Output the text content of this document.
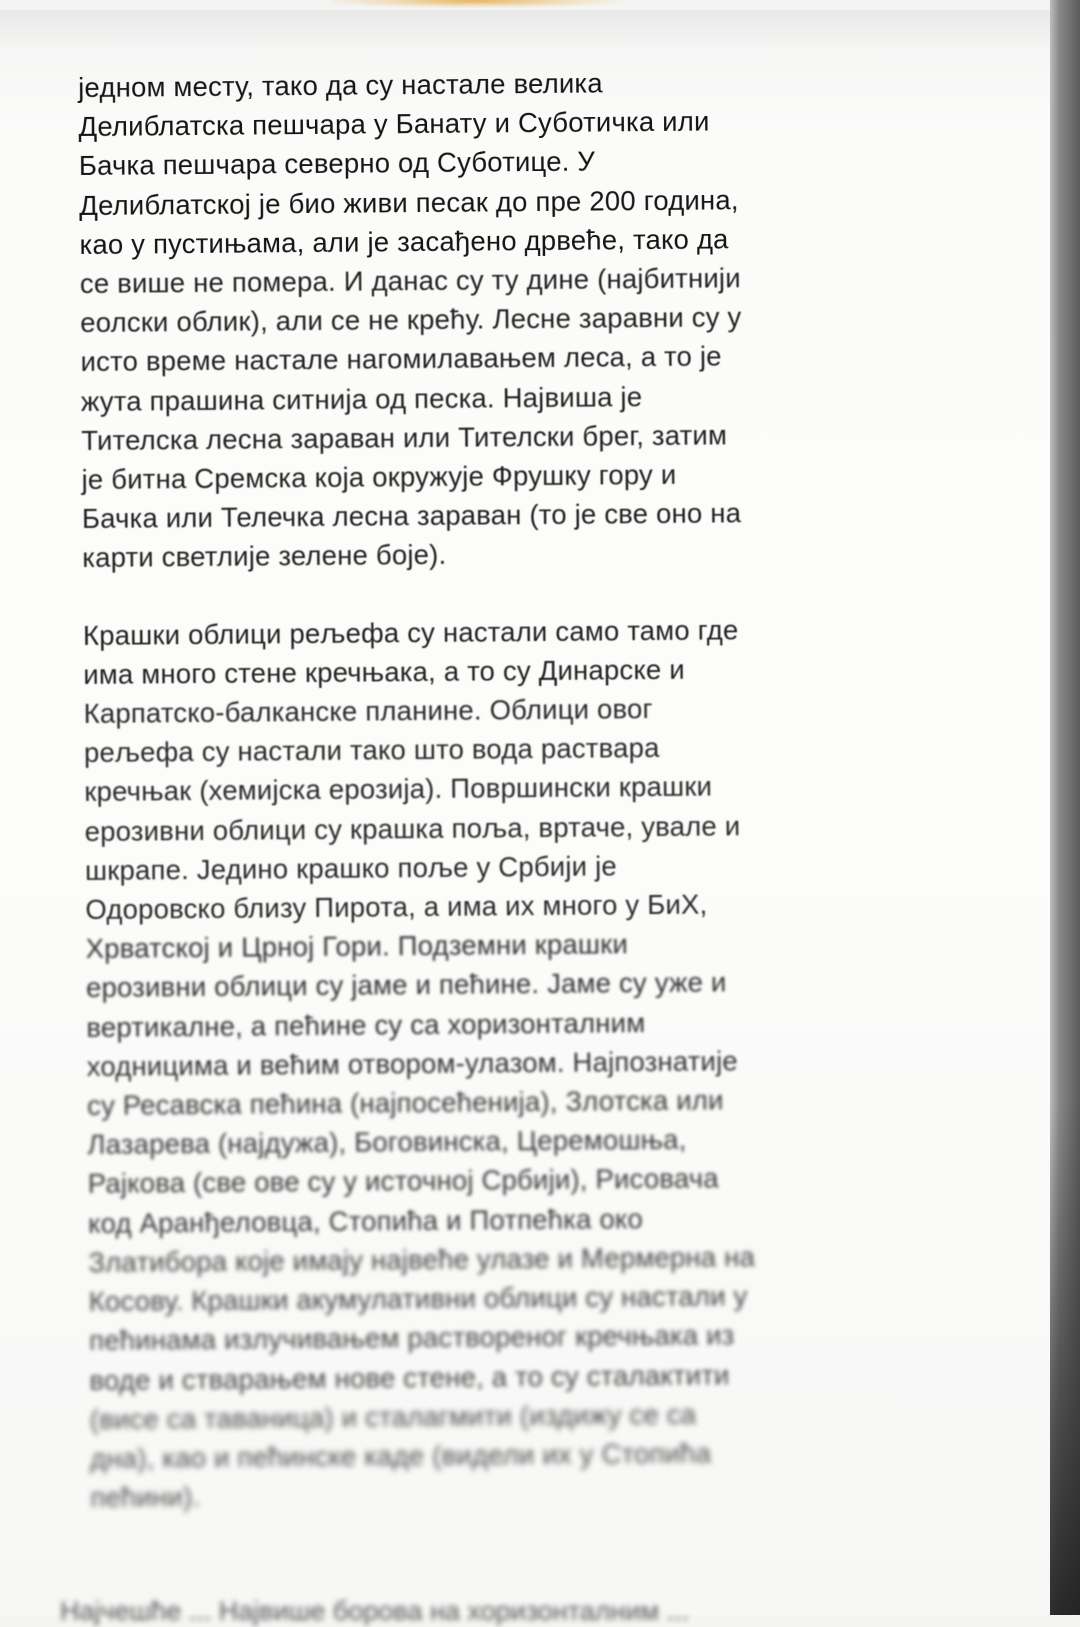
једном месту, тако да су настале велика
Делиблатска пешчара у Банату и Суботичка или
Бачка пешчара северно од Суботице. У
Делиблатској је био живи песак до пре 200 година,
као у пустињама, али је засађено дрвеће, тако да
се више не помера. И данас су ту дине (најбитнији
еолски облик), али се не крећу. Лесне заравни су у
исто време настале нагомилавањем леса, а то је
жута прашина ситнија од песка. Највиша је
Тителска лесна зараван или Тителски брег, затим
је битна Сремска која окружује Фрушку гору и
Бачка или Телечка лесна зараван (то је све оно на
карти светлије зелене боје).
Крашки облици рељефа су настали само тамо где
има много стене кречњака, а то су Динарске и
Карпатско-балканске планине. Облици овог
рељефа су настали тако што вода раствара
кречњак (хемијска ерозија). Површински крашки
ерозивни облици су крашка поља, вртаче, увале и
шкрапе. Једино крашко поље у Србији је
Одоровско близу Пирота, а има их много у БиХ,
Хрватској и Црној Гори. Подземни крашки
ерозивни облици су јаме и пећине. Јаме су уже и
вертикалне, а пећине су са хоризонталним
ходницима и већим отвором-улазом. Најпознатије
су Ресавска пећина (најпосећенија), Злотска или
Лазарева (најдужа), Боговинска, Церемошња,
Рајкова (све ове су у источној Србији), Рисовача
код Аранђеловца, Стопића и Потпећка око
Златибора које имају највеће улазе и Мермерна на
Косову. Крашки акумулативни облици су настали у
пећинама излучивањем раствореног кречњака из
воде и стварањем нове стене, а то су сталактити
(висе са таваница) и сталагмити (издижу се са
дна), као и пећинске каде (видели их у Стопића
пећини).
Најчешће ... Највише борова на хоризонталним ...
